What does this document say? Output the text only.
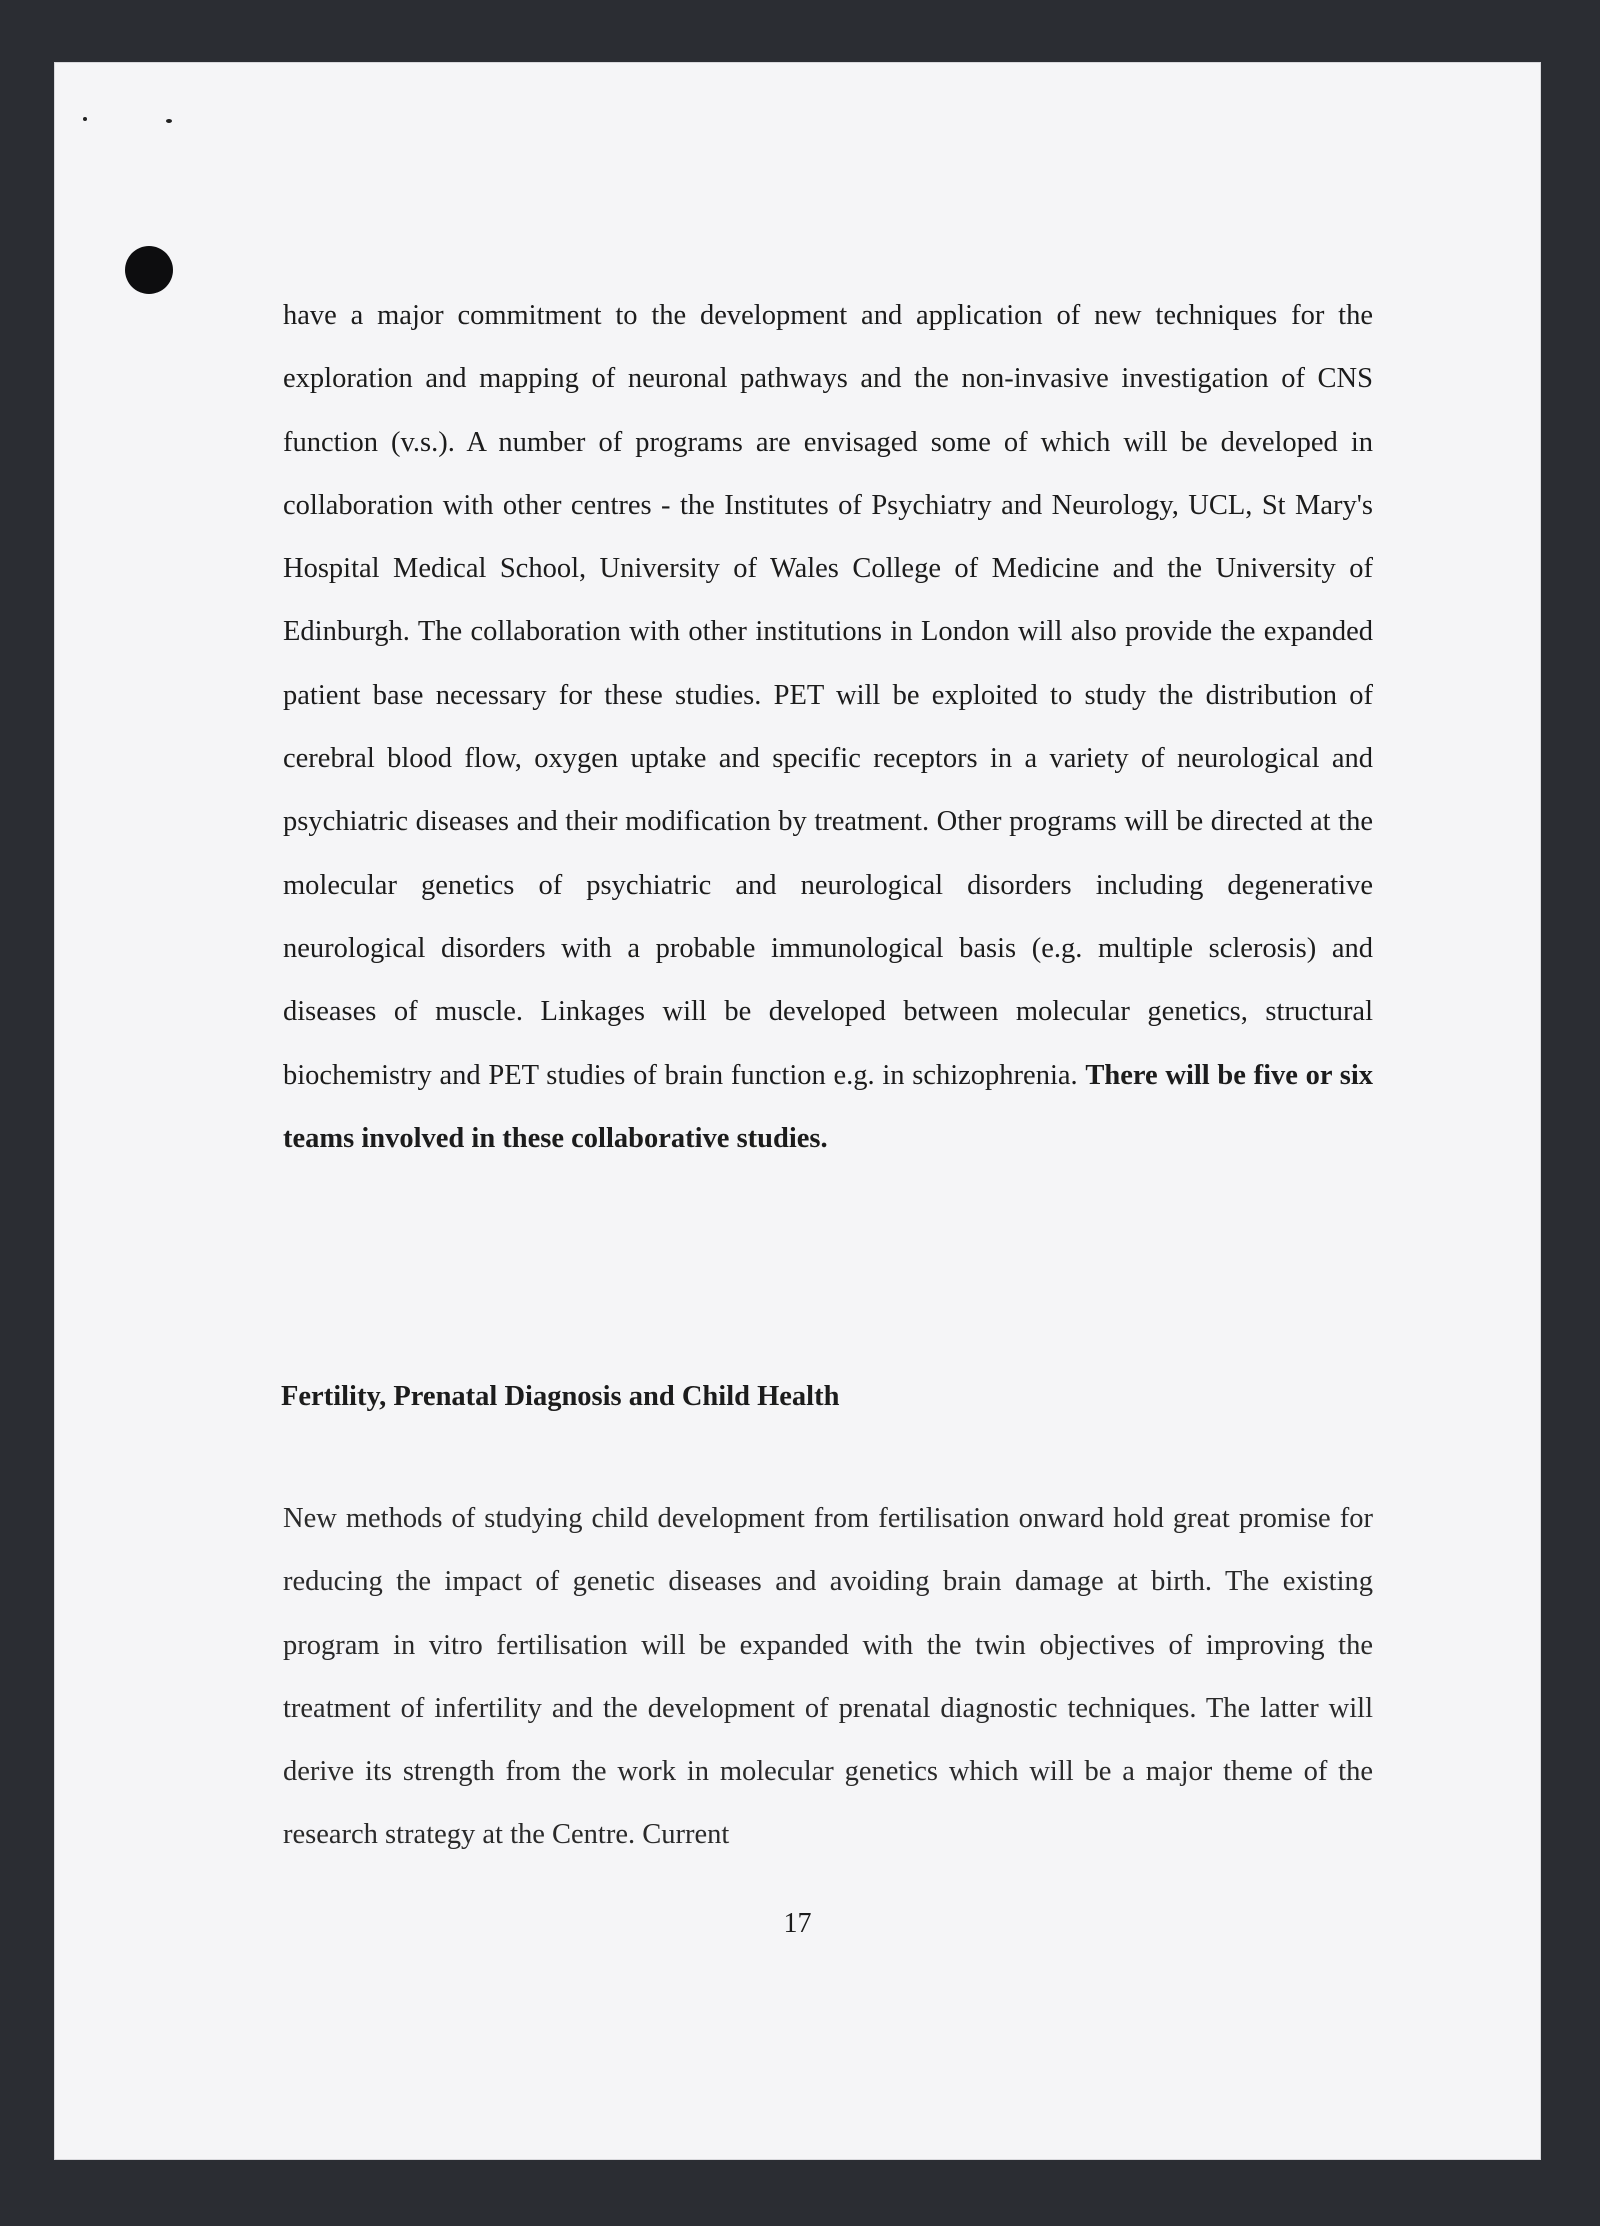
have a major commitment to the development and application of new techniques for the exploration and mapping of neuronal pathways and the non-invasive investigation of CNS function (v.s.). A number of programs are envisaged some of which will be developed in collaboration with other centres - the Institutes of Psychiatry and Neurology, UCL, St Mary's Hospital Medical School, University of Wales College of Medicine and the University of Edinburgh. The collaboration with other institutions in London will also provide the expanded patient base necessary for these studies. PET will be exploited to study the distribution of cerebral blood flow, oxygen uptake and specific receptors in a variety of neurological and psychiatric diseases and their modification by treatment. Other programs will be directed at the molecular genetics of psychiatric and neurological disorders including degenerative neurological disorders with a probable immunological basis (e.g. multiple sclerosis) and diseases of muscle. Linkages will be developed between molecular genetics, structural biochemistry and PET studies of brain function e.g. in schizophrenia. There will be five or six teams involved in these collaborative studies.

Fertility, Prenatal Diagnosis and Child Health

New methods of studying child development from fertilisation onward hold great promise for reducing the impact of genetic diseases and avoiding brain damage at birth. The existing program in vitro fertilisation will be expanded with the twin objectives of improving the treatment of infertility and the development of prenatal diagnostic techniques. The latter will derive its strength from the work in molecular genetics which will be a major theme of the research strategy at the Centre. Current

17
